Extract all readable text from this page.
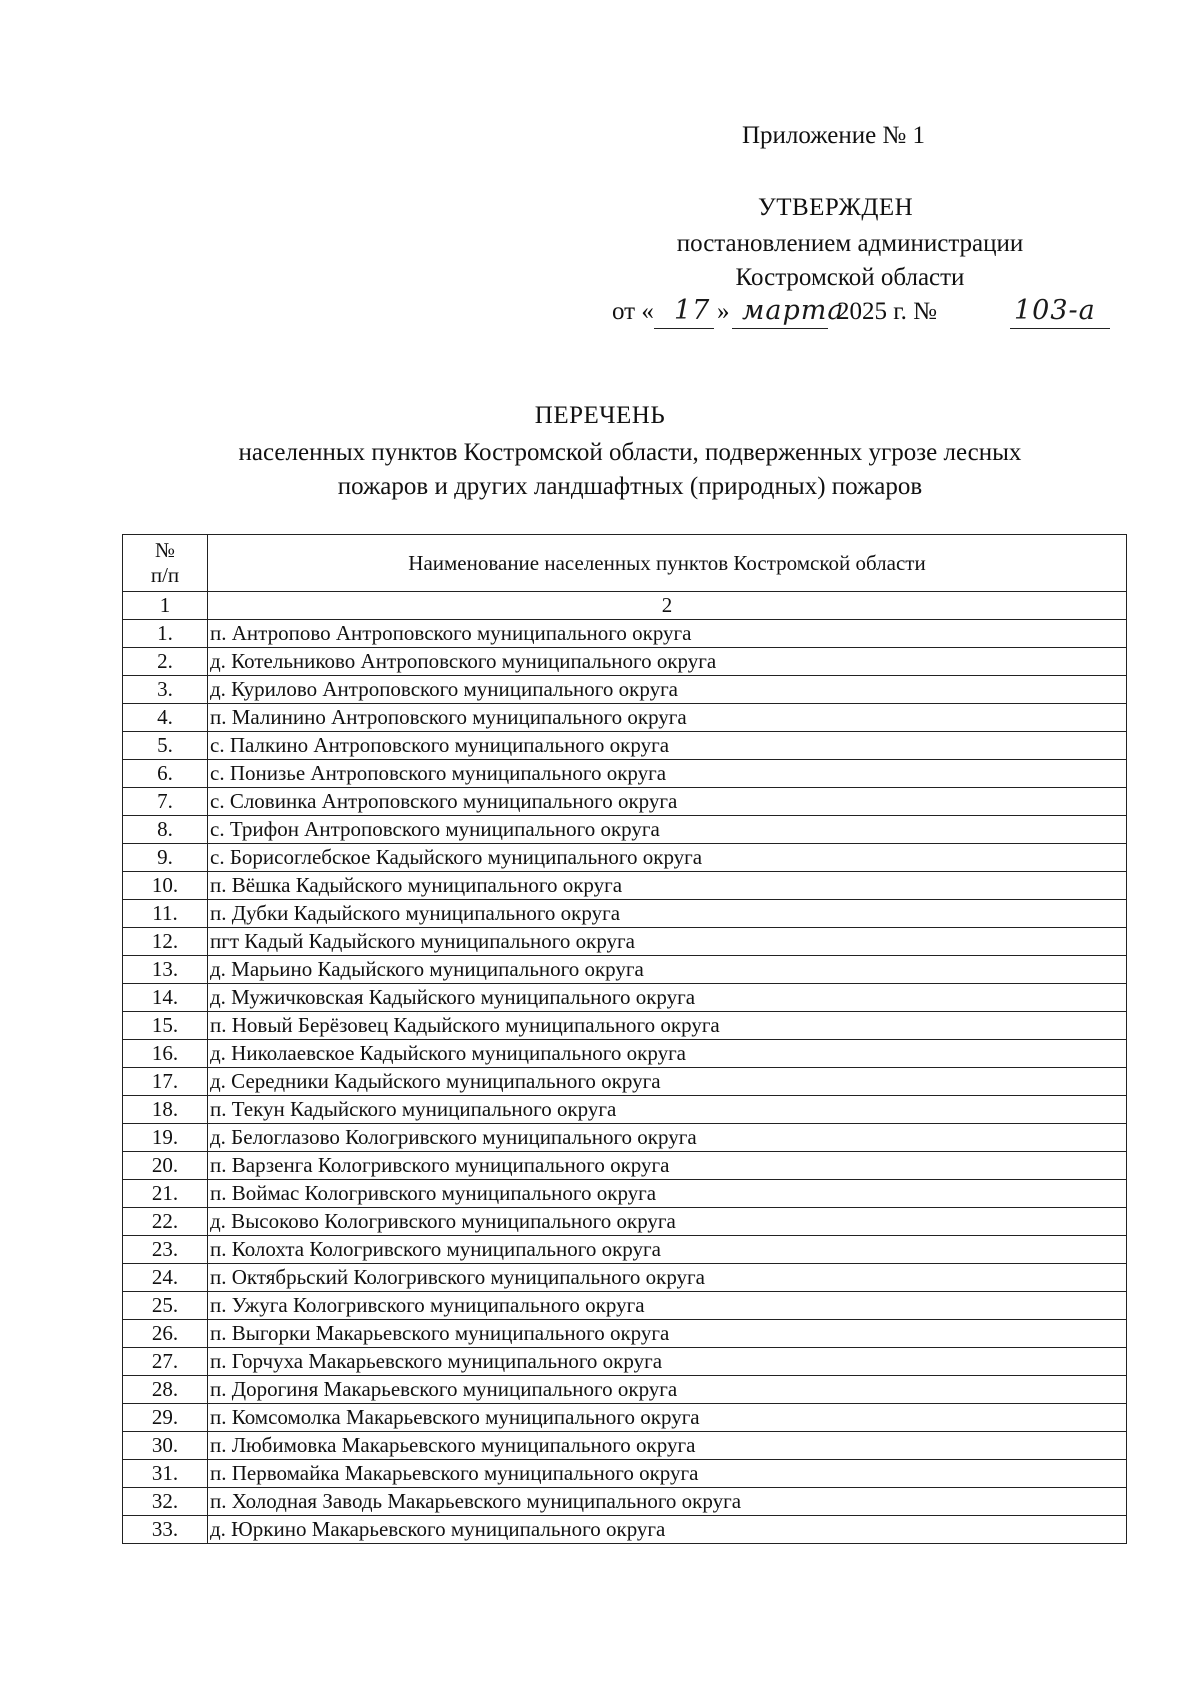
Приложение № 1
УТВЕРЖДЕН
постановлением администрации
Костромской области
от « 17 » марта
2025 г. №	103-а
ПЕРЕЧЕНЬ
населенных пунктов Костромской области, подверженных угрозе лесных
пожаров и других ландшафтных (природных) пожаров
№
п/п	Наименование населенных пунктов Костромской области
1	2
1.	п. Антропово Антроповского муниципального округа
2.	д. Котельниково Антроповского муниципального округа
3.	д. Курилово Антроповского муниципального округа
4.	п. Малинино Антроповского муниципального округа
5.	с. Палкино Антроповского муниципального округа
6.	с. Понизье Антроповского муниципального округа
7.	с. Словинка Антроповского муниципального округа
8.	с. Трифон Антроповского муниципального округа
9.	с. Борисоглебское Кадыйского муниципального округа
10.	п. Вёшка Кадыйского муниципального округа
11.	п. Дубки Кадыйского муниципального округа
12.	пгт Кадый Кадыйского муниципального округа
13.	д. Марьино Кадыйского муниципального округа
14.	д. Мужичковская Кадыйского муниципального округа
15.	п. Новый Берёзовец Кадыйского муниципального округа
16.	д. Николаевское Кадыйского муниципального округа
17.	д. Середники Кадыйского муниципального округа
18.	п. Текун Кадыйского муниципального округа
19.	д. Белоглазово Кологривского муниципального округа
20.	п. Варзенга Кологривского муниципального округа
21.	п. Воймас Кологривского муниципального округа
22.	д. Высоково Кологривского муниципального округа
23.	п. Колохта Кологривского муниципального округа
24.	п. Октябрьский Кологривского муниципального округа
25.	п. Ужуга Кологривского муниципального округа
26.	п. Выгорки Макарьевского муниципального округа
27.	п. Горчуха Макарьевского муниципального округа
28.	п. Дорогиня Макарьевского муниципального округа
29.	п. Комсомолка Макарьевского муниципального округа
30.	п. Любимовка Макарьевского муниципального округа
31.	п. Первомайка Макарьевского муниципального округа
32.	п. Холодная Заводь Макарьевского муниципального округа
33.	д. Юркино Макарьевского муниципального округа
